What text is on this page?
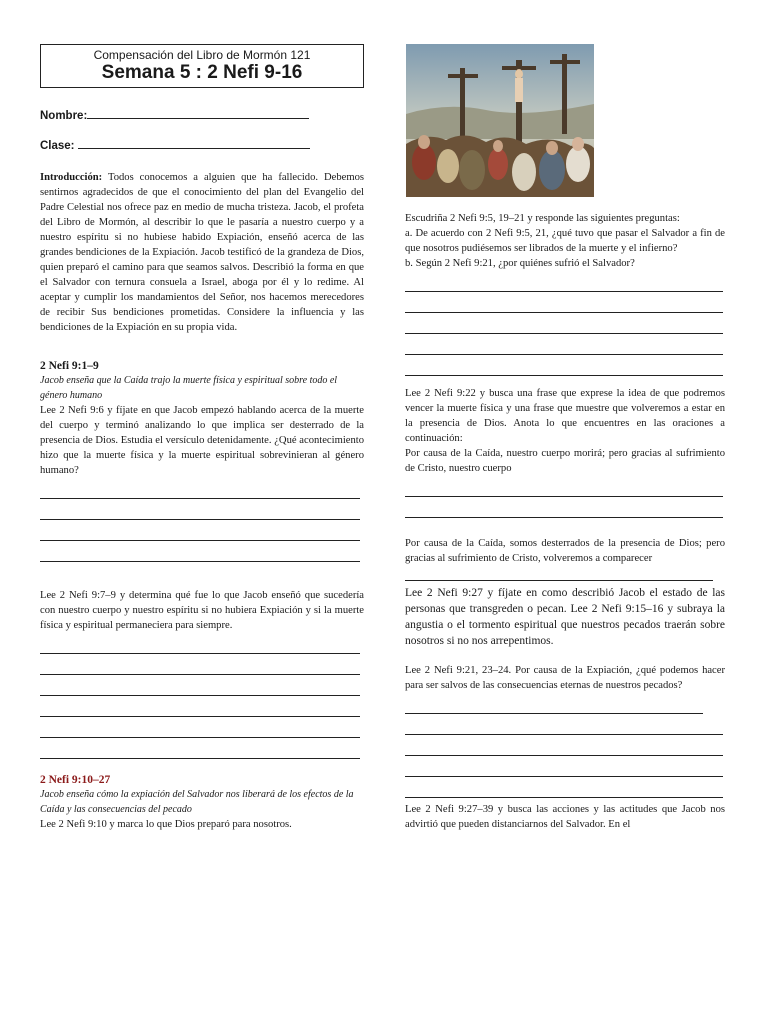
Compensación del Libro de Mormón 121
Semana 5 : 2 Nefi 9-16
Nombre:
Clase:

Introducción: Todos conocemos a alguien que ha fallecido. Debemos sentirnos agradecidos de que el conocimiento del plan del Evangelio del Padre Celestial nos ofrece paz en medio de mucha tristeza. Jacob, el profeta del Libro de Mormón, al describir lo que le pasaría a nuestro cuerpo y a nuestro espíritu si no hubiese habido Expiación, enseñó acerca de las grandes bendiciones de la Expiación. Jacob testificó de la grandeza de Dios, quien preparó el camino para que seamos salvos. Describió la forma en que el Salvador con ternura consuela a Israel, aboga por él y lo redime. Al aceptar y cumplir los mandamientos del Señor, nos hacemos merecedores de recibir Sus bendiciones prometidas. Considere la influencia y las bendiciones de la Expiación en su propia vida.

2 Nefi 9:1–9

Jacob enseña que la Caída trajo la muerte física y espiritual sobre todo el género humano

Lee 2 Nefi 9:6 y fíjate en que Jacob empezó hablando acerca de la muerte del cuerpo y terminó analizando lo que implica ser desterrado de la presencia de Dios. Estudia el versículo detenidamente. ¿Qué acontecimiento hizo que la muerte física y la muerte espiritual sobrevinieran al género humano?

Lee 2 Nefi 9:7–9 y determina qué fue lo que Jacob enseñó que sucedería con nuestro cuerpo y nuestro espíritu si no hubiera Expiación y si la muerte física y espiritual permaneciera para siempre.

2 Nefi 9:10–27

Jacob enseña cómo la expiación del Salvador nos liberará de los efectos de la Caída y las consecuencias del pecado

Lee 2 Nefi 9:10 y marca lo que Dios preparó para nosotros.

Escudriña 2 Nefi 9:5, 19–21 y responde las siguientes preguntas:

a. De acuerdo con 2 Nefi 9:5, 21, ¿qué tuvo que pasar el Salvador a fin de que nosotros pudiésemos ser librados de la muerte y el infierno?

b. Según 2 Nefi 9:21, ¿por quiénes sufrió el Salvador?

Lee 2 Nefi 9:22 y busca una frase que exprese la idea de que podremos vencer la muerte física y una frase que muestre que volveremos a estar en la presencia de Dios. Anota lo que encuentres en las oraciones a continuación:

Por causa de la Caída, nuestro cuerpo morirá; pero gracias al sufrimiento de Cristo, nuestro cuerpo

Por causa de la Caída, somos desterrados de la presencia de Dios; pero gracias al sufrimiento de Cristo, volveremos a comparecer

Lee 2 Nefi 9:27 y fíjate en como describió Jacob el estado de las personas que transgreden o pecan. Lee 2 Nefi 9:15–16 y subraya la angustia o el tormento espiritual que nuestros pecados traerán sobre nosotros si no nos arrepentimos.

Lee 2 Nefi 9:21, 23–24. Por causa de la Expiación, ¿qué podemos hacer para ser salvos de las consecuencias eternas de nuestros pecados?

Lee 2 Nefi 9:27–39 y busca las acciones y las actitudes que Jacob nos advirtió que pueden distanciarnos del Salvador. En el
